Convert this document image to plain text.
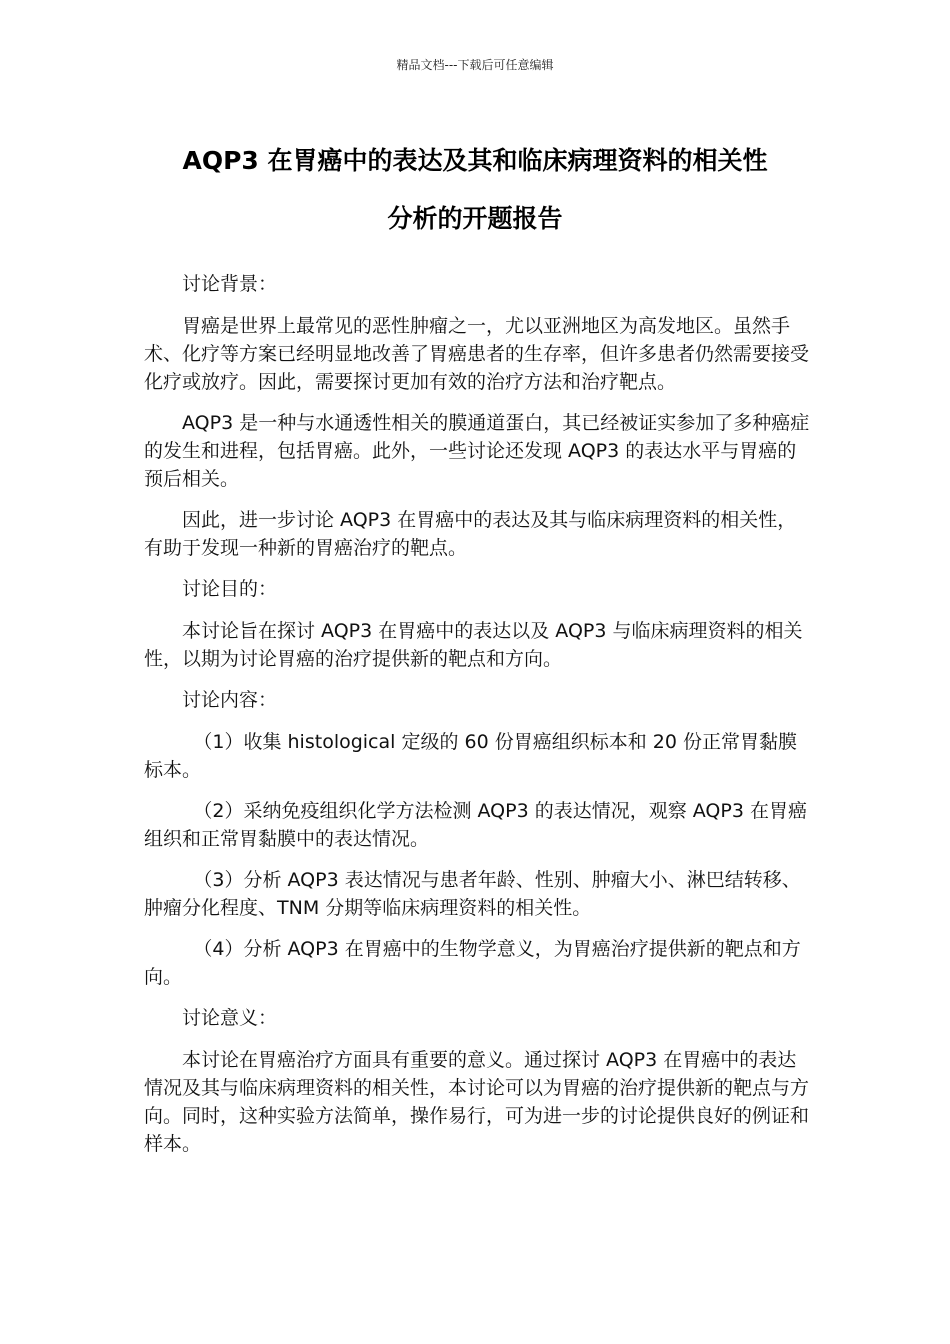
精品文档---下载后可任意编辑
AQP3 在胃癌中的表达及其和临床病理资料的相关性
分析的开题报告

讨论背景：

胃癌是世界上最常见的恶性肿瘤之一，尤以亚洲地区为高发地区。虽然手术、化疗等方案已经明显地改善了胃癌患者的生存率，但许多患者仍然需要接受化疗或放疗。因此，需要探讨更加有效的治疗方法和治疗靶点。

AQP3 是一种与水通透性相关的膜通道蛋白，其已经被证实参加了多种癌症的发生和进程，包括胃癌。此外，一些讨论还发现 AQP3 的表达水平与胃癌的预后相关。

因此，进一步讨论 AQP3 在胃癌中的表达及其与临床病理资料的相关性，有助于发现一种新的胃癌治疗的靶点。

讨论目的：

本讨论旨在探讨 AQP3 在胃癌中的表达以及 AQP3 与临床病理资料的相关性，以期为讨论胃癌的治疗提供新的靶点和方向。

讨论内容：

（1）收集 histological 定级的 60 份胃癌组织标本和 20 份正常胃黏膜标本。

（2）采纳免疫组织化学方法检测 AQP3 的表达情况，观察 AQP3 在胃癌组织和正常胃黏膜中的表达情况。

（3）分析 AQP3 表达情况与患者年龄、性别、肿瘤大小、淋巴结转移、肿瘤分化程度、TNM 分期等临床病理资料的相关性。

（4）分析 AQP3 在胃癌中的生物学意义，为胃癌治疗提供新的靶点和方向。

讨论意义：

本讨论在胃癌治疗方面具有重要的意义。通过探讨 AQP3 在胃癌中的表达情况及其与临床病理资料的相关性，本讨论可以为胃癌的治疗提供新的靶点与方向。同时，这种实验方法简单，操作易行，可为进一步的讨论提供良好的例证和样本。
